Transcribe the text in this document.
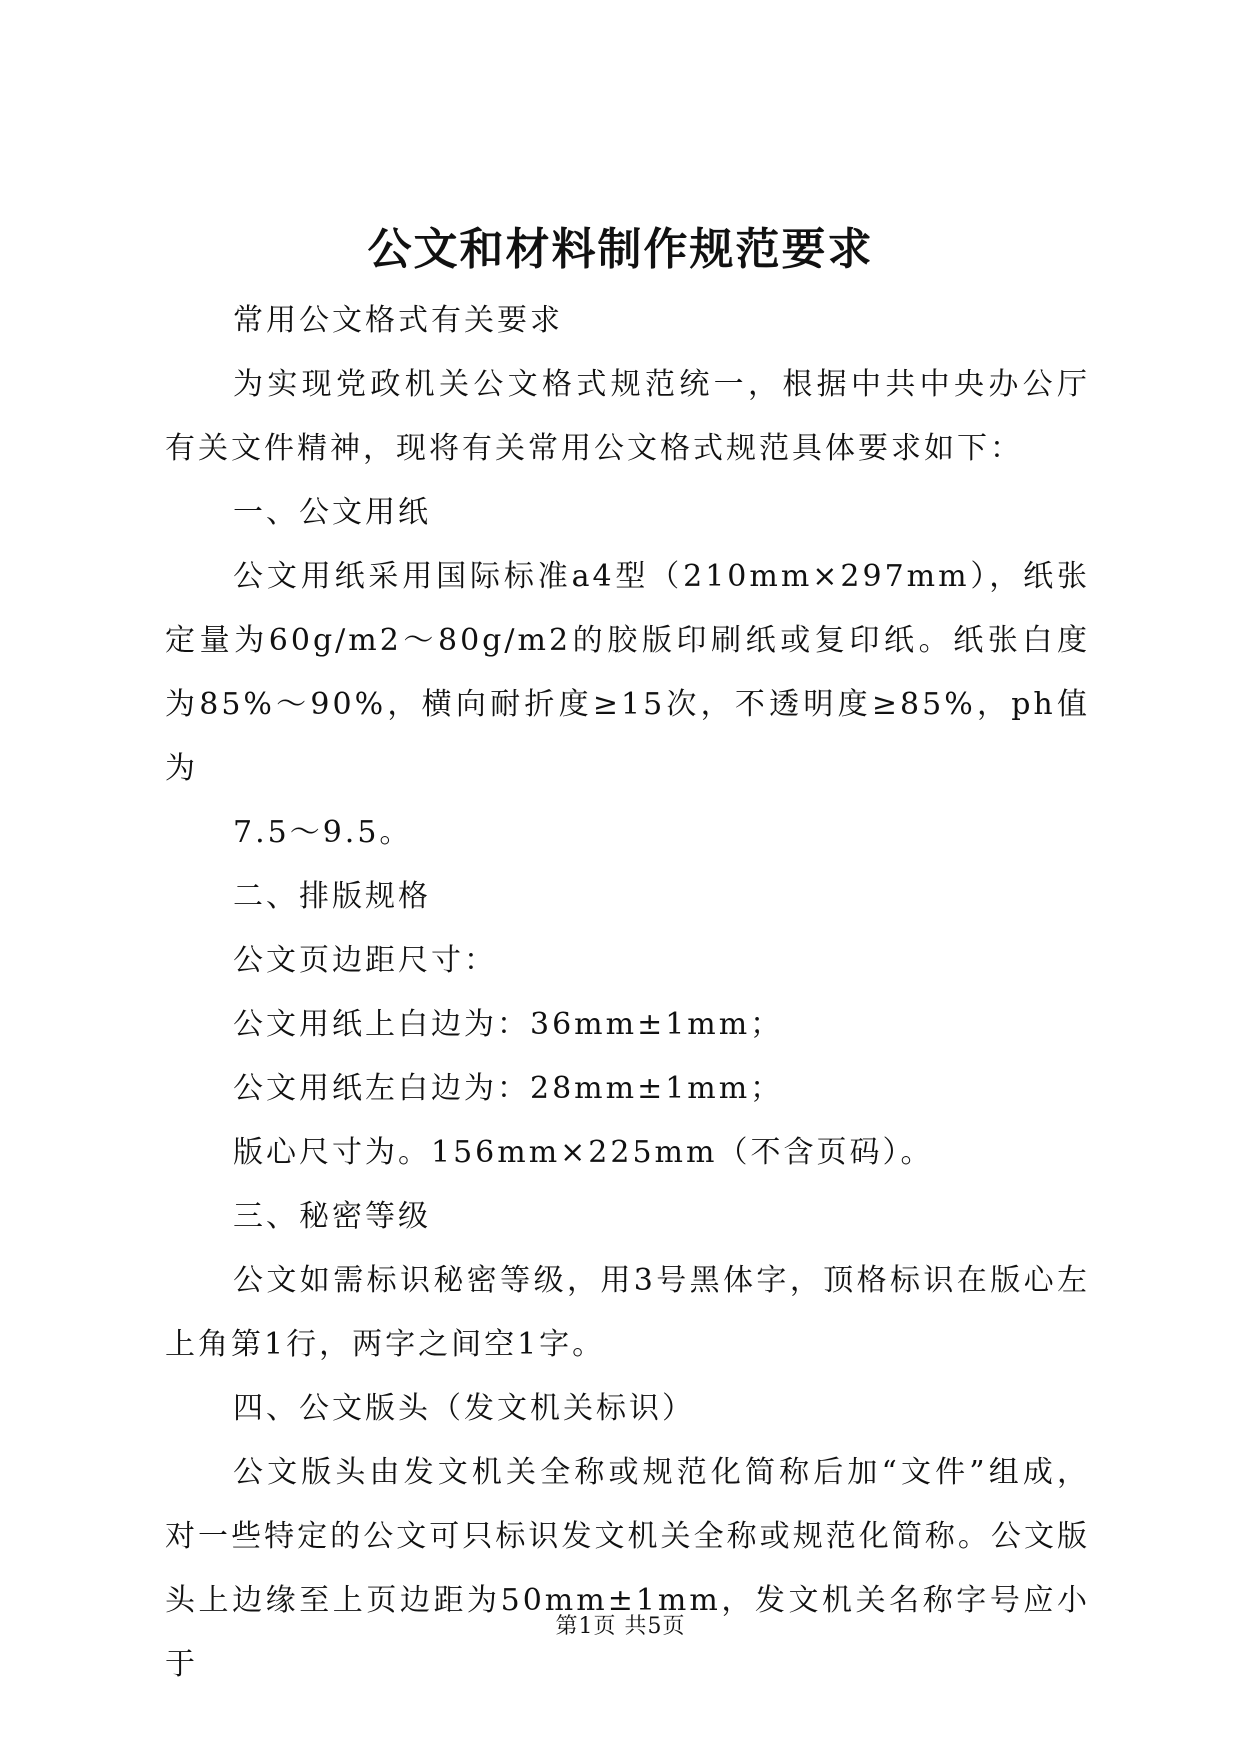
公文和材料制作规范要求

常用公文格式有关要求

为实现党政机关公文格式规范统一，根据中共中央办公厅有关文件精神，现将有关常用公文格式规范具体要求如下：

一、公文用纸

公文用纸采用国际标准a4型（210mm×297mm），纸张定量为60g/m2～80g/m2的胶版印刷纸或复印纸。纸张白度为85%～90%，横向耐折度≥15次，不透明度≥85%，ph值为

7.5～9.5。

二、排版规格

公文页边距尺寸：

公文用纸上白边为：36mm±1mm；

公文用纸左白边为：28mm±1mm；

版心尺寸为。156mm×225mm（不含页码）。

三、秘密等级

公文如需标识秘密等级，用3号黑体字，顶格标识在版心左上角第1行，两字之间空1字。

四、公文版头（发文机关标识）

公文版头由发文机关全称或规范化简称后加“文件”组成，对一些特定的公文可只标识发文机关全称或规范化简称。公文版头上边缘至上页边距为50mm±1mm，发文机关名称字号应小于

第1页 共5页
